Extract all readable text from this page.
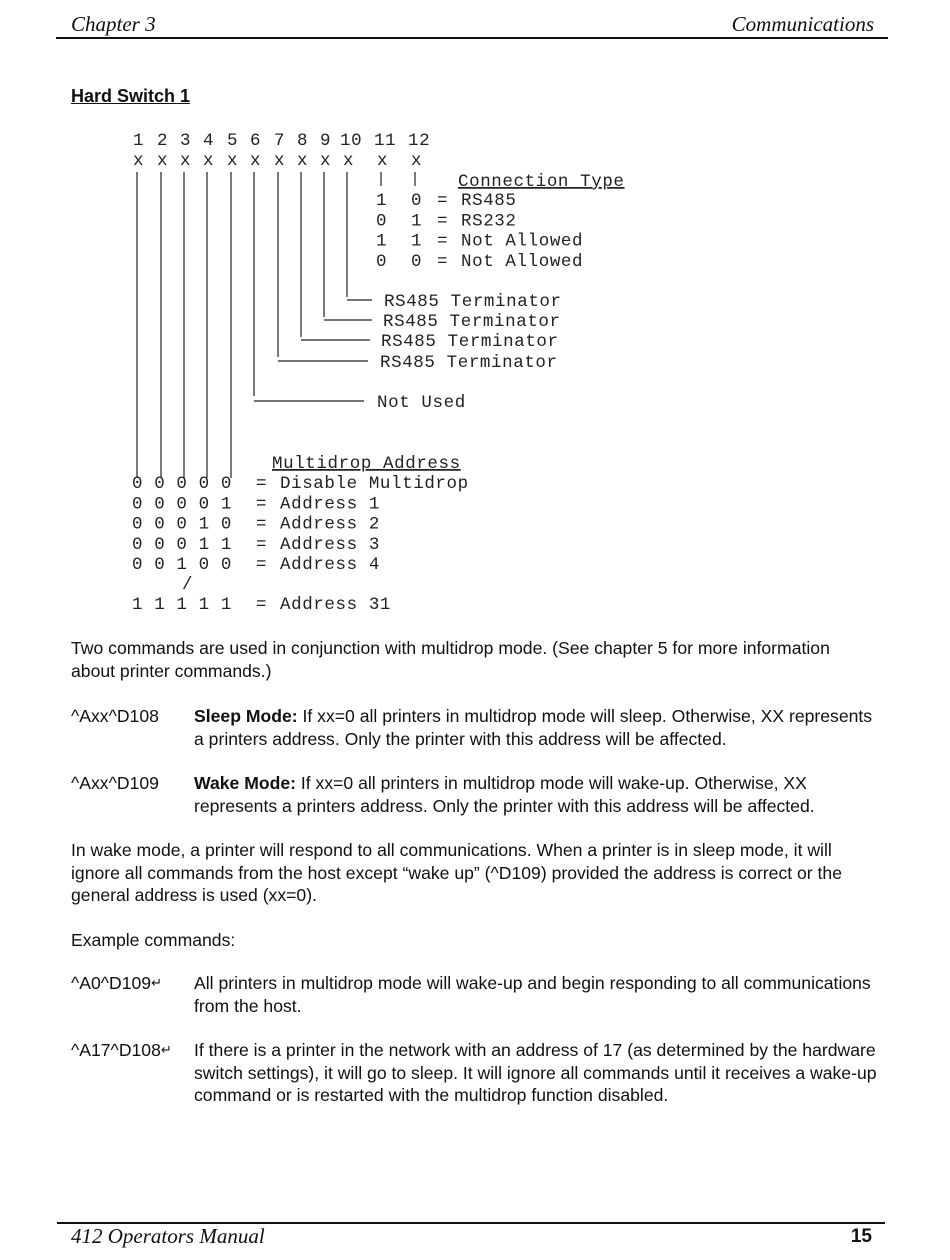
Chapter 3	Communications
Hard Switch 1
1 2 3 4 5 6 7 8 9 10 11 12
x x x x x x x x x x x x
Connection Type
1 0 = RS485
0 1 = RS232
1 1 = Not Allowed
0 0 = Not Allowed
RS485 Terminator
RS485 Terminator
RS485 Terminator
RS485 Terminator
Not Used
Multidrop Address
0 0 0 0 0 = Disable Multidrop
0 0 0 0 1 = Address 1
0 0 0 1 0 = Address 2
0 0 0 1 1 = Address 3
0 0 1 0 0 = Address 4
/
1 1 1 1 1 = Address 31
Two commands are used in conjunction with multidrop mode. (See chapter 5 for more information about printer commands.)
^Axx^D108 Sleep Mode: If xx=0 all printers in multidrop mode will sleep. Otherwise, XX represents a printers address. Only the printer with this address will be affected.
^Axx^D109 Wake Mode: If xx=0 all printers in multidrop mode will wake-up. Otherwise, XX represents a printers address. Only the printer with this address will be affected.
In wake mode, a printer will respond to all communications. When a printer is in sleep mode, it will ignore all commands from the host except “wake up” (^D109) provided the address is correct or the general address is used (xx=0).
Example commands:
^A0^D109↵ All printers in multidrop mode will wake-up and begin responding to all communications from the host.
^A17^D108↵ If there is a printer in the network with an address of 17 (as determined by the hardware switch settings), it will go to sleep. It will ignore all commands until it receives a wake-up command or is restarted with the multidrop function disabled.
412 Operators Manual	15
